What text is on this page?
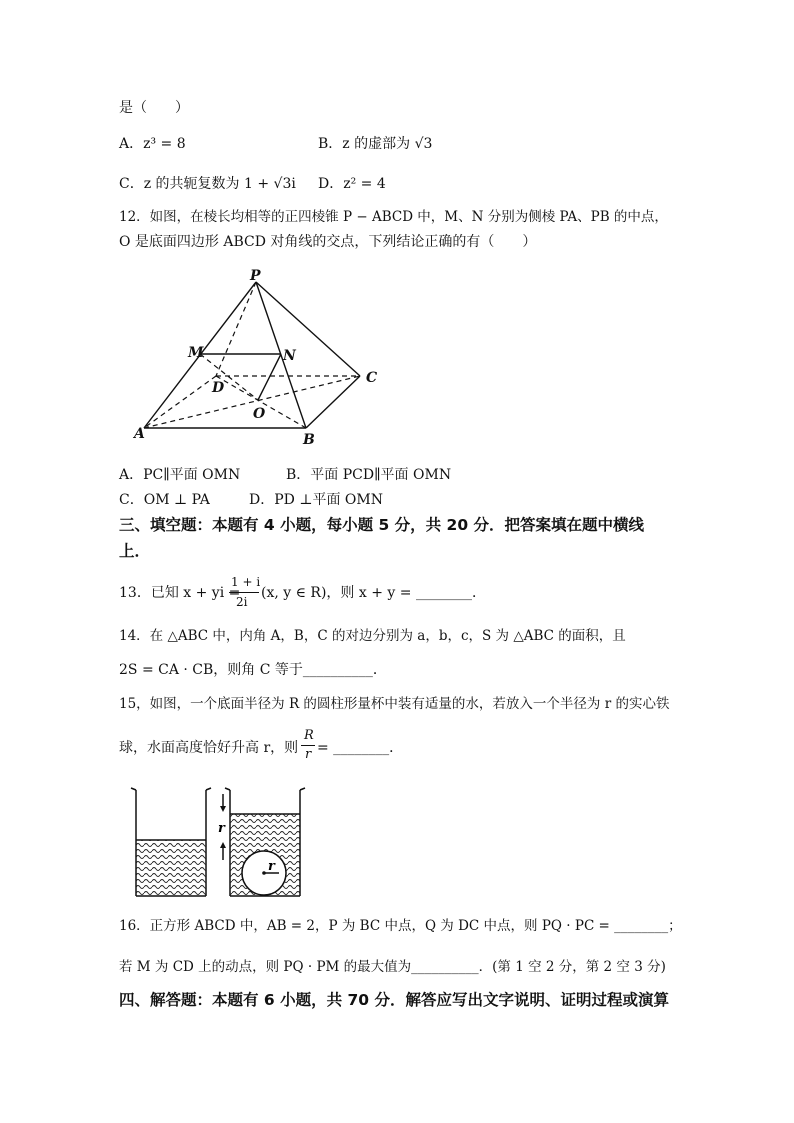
是（　　）
A．z³ = 8	B．z 的虚部为 √3
C．z 的共轭复数为 1 + √3i D．z² = 4
12．如图，在棱长均相等的正四棱锥 P − ABCD 中，M、N 分别为侧棱 PA、PB 的中点，
O 是底面四边形 ABCD 对角线的交点，下列结论正确的有（　　）
P
M	N
D
C
O
A	B
A．PC∥平面 OMN	B．平面 PCD∥平面 OMN
C．OM ⊥ PA	D．PD ⊥平面 OMN
三、填空题：本题有 4 小题，每小题 5 分，共 20 分．把答案填在题中横线
上．
13．已知 x + yi =
1 + i
2i
(x, y ∈ R)，则 x + y = ________．
14．在 △ABC 中，内角 A，B，C 的对边分别为 a，b，c，S 为 △ABC 的面积，且
2S = CA · CB，则角 C 等于__________．
15，如图，一个底面半径为 R 的圆柱形量杯中装有适量的水，若放入一个半径为 r 的实心铁
球，水面高度恰好升高 r，则
R
r = ________．
r
r
16．正方形 ABCD 中，AB = 2，P 为 BC 中点，Q 为 DC 中点，则 PQ · PC = ________；
若 M 为 CD 上的动点，则 PQ · PM 的最大值为__________．(第 1 空 2 分，第 2 空 3 分)
四、解答题：本题有 6 小题，共 70 分．解答应写出文字说明、证明过程或演算
